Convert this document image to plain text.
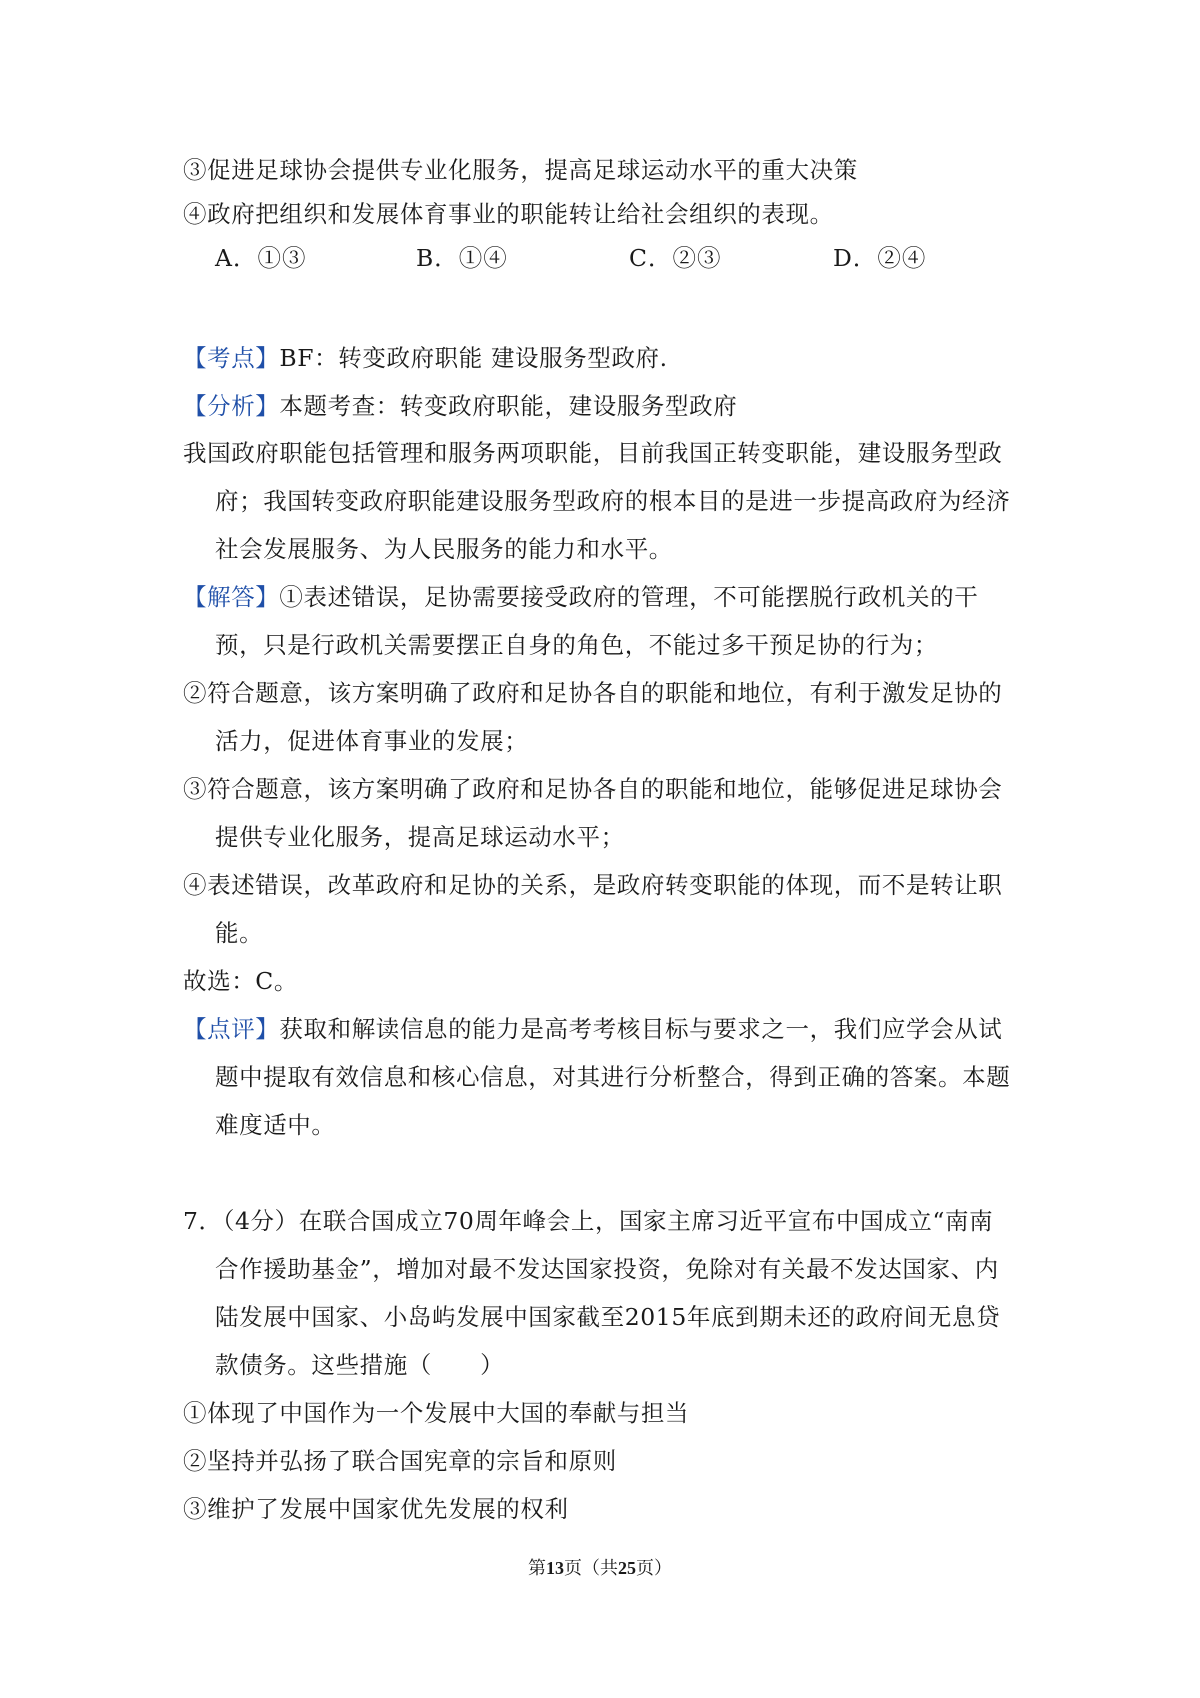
③促进足球协会提供专业化服务，提高足球运动水平的重大决策
④政府把组织和发展体育事业的职能转让给社会组织的表现。
A．①③	B．①④	C．②③	D．②④
【考点】BF：转变政府职能 建设服务型政府.
【分析】本题考查：转变政府职能，建设服务型政府
我国政府职能包括管理和服务两项职能，目前我国正转变职能，建设服务型政
府；我国转变政府职能建设服务型政府的根本目的是进一步提高政府为经济
社会发展服务、为人民服务的能力和水平。
【解答】①表述错误，足协需要接受政府的管理，不可能摆脱行政机关的干
预，只是行政机关需要摆正自身的角色，不能过多干预足协的行为；
②符合题意，该方案明确了政府和足协各自的职能和地位，有利于激发足协的
活力，促进体育事业的发展；
③符合题意，该方案明确了政府和足协各自的职能和地位，能够促进足球协会
提供专业化服务，提高足球运动水平；
④表述错误，改革政府和足协的关系，是政府转变职能的体现，而不是转让职
能。
故选：C。
【点评】获取和解读信息的能力是高考考核目标与要求之一，我们应学会从试
题中提取有效信息和核心信息，对其进行分析整合，得到正确的答案。本题
难度适中。
7．（4分）在联合国成立70周年峰会上，国家主席习近平宣布中国成立“南南
合作援助基金”，增加对最不发达国家投资，免除对有关最不发达国家、内
陆发展中国家、小岛屿发展中国家截至2015年底到期未还的政府间无息贷
款债务。这些措施（　　）
①体现了中国作为一个发展中大国的奉献与担当
②坚持并弘扬了联合国宪章的宗旨和原则
③维护了发展中国家优先发展的权利
第13页（共25页）
